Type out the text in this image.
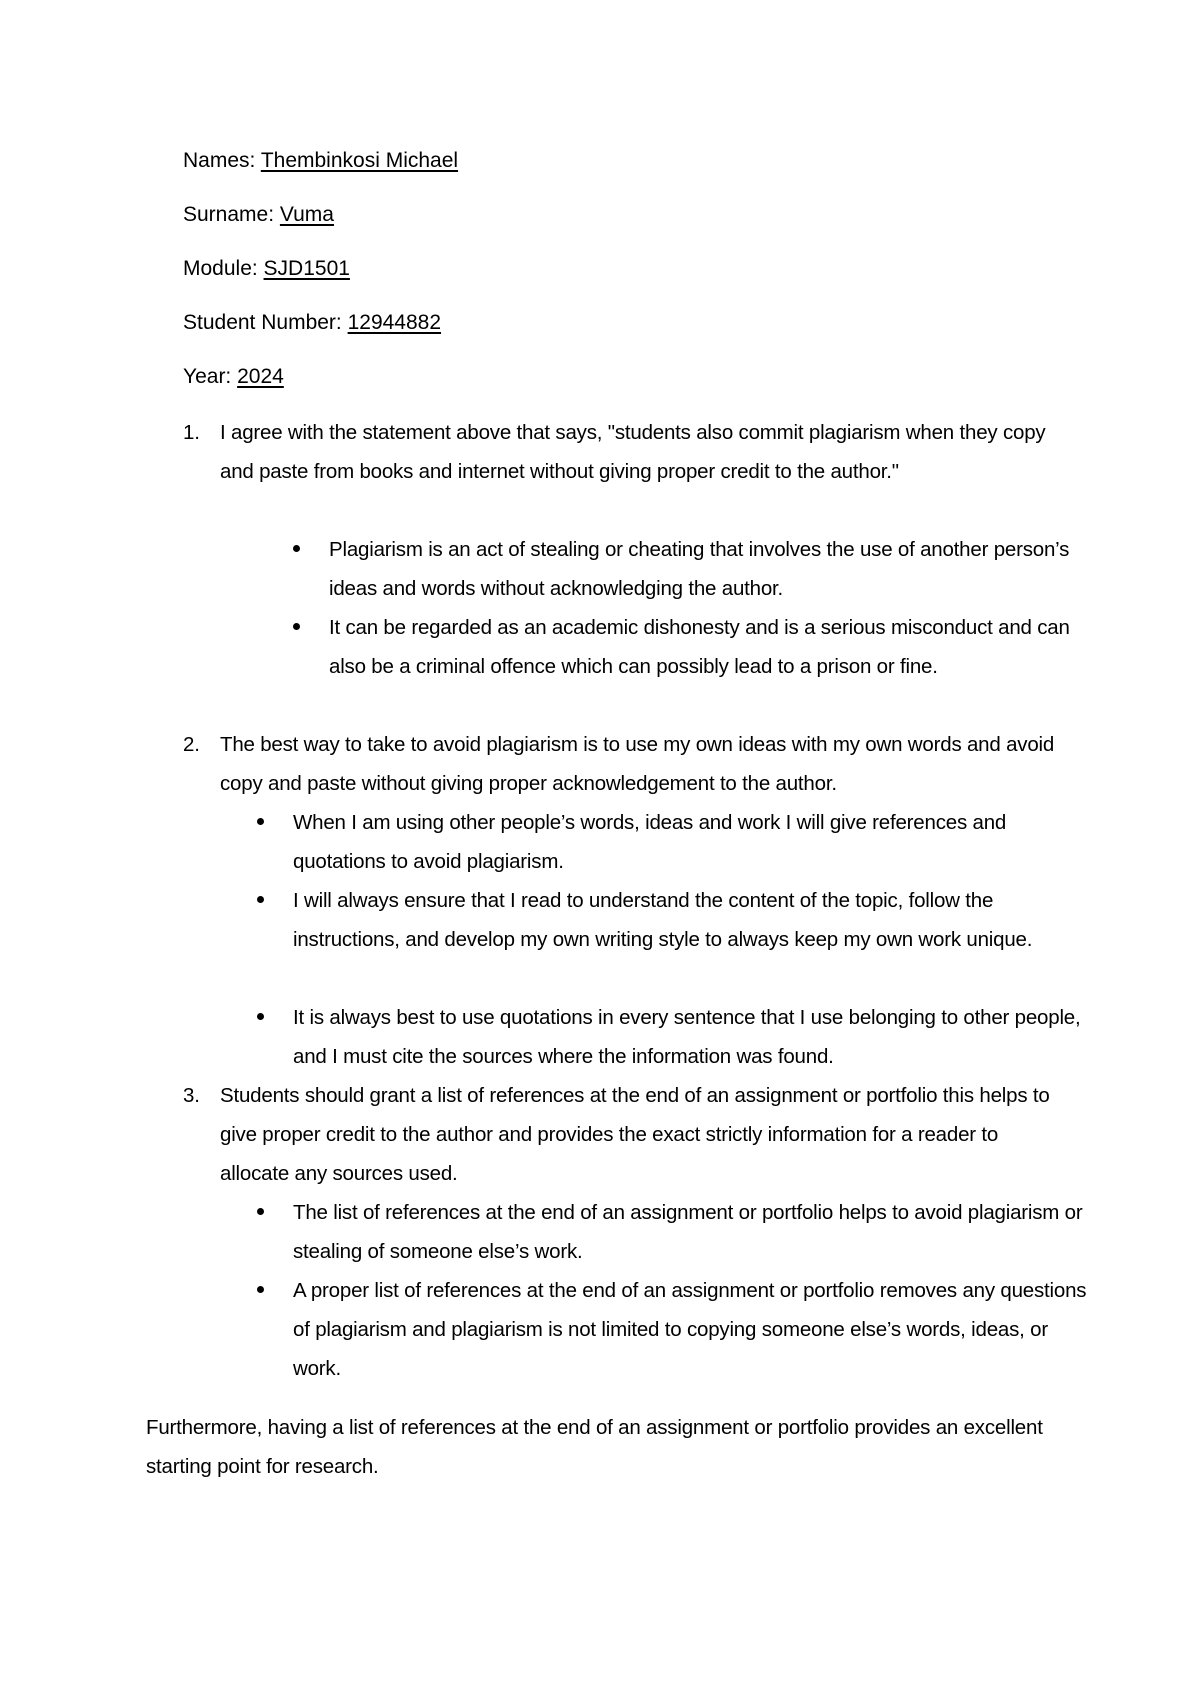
Names: Thembinkosi Michael
Surname: Vuma
Module: SJD1501
Student Number: 12944882
Year: 2024
1. I agree with the statement above that says, "students also commit plagiarism when they copy and paste from books and internet without giving proper credit to the author."
Plagiarism is an act of stealing or cheating that involves the use of another person’s ideas and words without acknowledging the author.
It can be regarded as an academic dishonesty and is a serious misconduct and can also be a criminal offence which can possibly lead to a prison or fine.
2. The best way to take to avoid plagiarism is to use my own ideas with my own words and avoid copy and paste without giving proper acknowledgement to the author.
When I am using other people’s words, ideas and work I will give references and quotations to avoid plagiarism.
I will always ensure that I read to understand the content of the topic, follow the instructions, and develop my own writing style to always keep my own work unique.
It is always best to use quotations in every sentence that I use belonging to other people, and I must cite the sources where the information was found.
3. Students should grant a list of references at the end of an assignment or portfolio this helps to give proper credit to the author and provides the exact strictly information for a reader to allocate any sources used.
The list of references at the end of an assignment or portfolio helps to avoid plagiarism or stealing of someone else’s work.
A proper list of references at the end of an assignment or portfolio removes any questions of plagiarism and plagiarism is not limited to copying someone else’s words, ideas, or work.
Furthermore, having a list of references at the end of an assignment or portfolio provides an excellent starting point for research.
